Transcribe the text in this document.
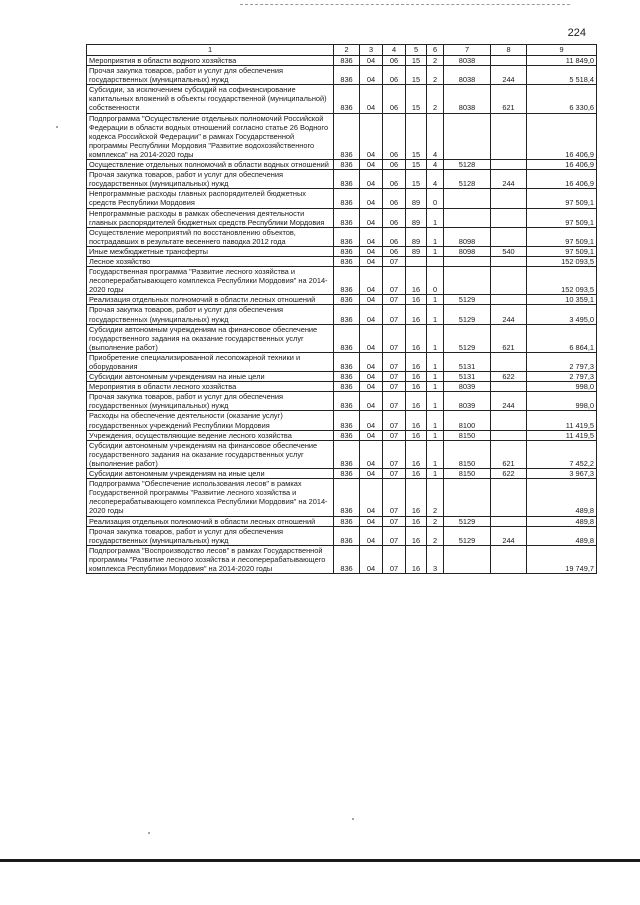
224
1	2	3	4	5	6	7	8	9
Мероприятия в области водного хозяйства	836	04	06	15	2	8038		11 849,0
Прочая закупка товаров, работ и услуг для обеспечения государственных (муниципальных) нужд	836	04	06	15	2	8038	244	5 518,4
Субсидии, за исключением субсидий на софинансирование капитальных вложений в объекты государственной (муниципальной) собственности	836	04	06	15	2	8038	621	6 330,6
Подпрограмма "Осуществление отдельных полномочий Российской Федерации в области водных отношений согласно статье 26 Водного кодекса Российской Федерации" в рамках Государственной программы Республики Мордовия "Развитие водохозяйственного комплекса" на 2014-2020 годы	836	04	06	15	4			16 406,9
Осуществление отдельных полномочий в области водных отношений	836	04	06	15	4	5128		16 406,9
Прочая закупка товаров, работ и услуг для обеспечения государственных (муниципальных) нужд	836	04	06	15	4	5128	244	16 406,9
Непрограммные расходы главных распорядителей бюджетных средств Республики Мордовия	836	04	06	89	0			97 509,1
Непрограммные расходы в рамках обеспечения деятельности главных распорядителей бюджетных средств Республики Мордовия	836	04	06	89	1			97 509,1
Осуществление мероприятий по восстановлению объектов, пострадавших в результате весеннего паводка 2012 года	836	04	06	89	1	8098		97 509,1
Иные межбюджетные трансферты	836	04	06	89	1	8098	540	97 509,1
Лесное хозяйство	836	04	07					152 093,5
Государственная программа "Развитие лесного хозяйства и лесоперерабатывающего комплекса Республики Мордовия" на 2014-2020 годы	836	04	07	16	0			152 093,5
Реализация отдельных полномочий в области лесных отношений	836	04	07	16	1	5129		10 359,1
Прочая закупка товаров, работ и услуг для обеспечения государственных (муниципальных) нужд	836	04	07	16	1	5129	244	3 495,0
Субсидии автономным учреждениям на финансовое обеспечение государственного задания на оказание государственных услуг (выполнение работ)	836	04	07	16	1	5129	621	6 864,1
Приобретение специализированной лесопожарной техники и оборудования	836	04	07	16	1	5131		2 797,3
Субсидии автономным учреждениям на иные цели	836	04	07	16	1	5131	622	2 797,3
Мероприятия в области лесного хозяйства	836	04	07	16	1	8039		998,0
Прочая закупка товаров, работ и услуг для обеспечения государственных (муниципальных) нужд	836	04	07	16	1	8039	244	998,0
Расходы на обеспечение деятельности (оказание услуг) государственных учреждений Республики Мордовия	836	04	07	16	1	8100		11 419,5
Учреждения, осуществляющие ведение лесного хозяйства	836	04	07	16	1	8150		11 419,5
Субсидии автономным учреждениям на финансовое обеспечение государственного задания на оказание государственных услуг (выполнение работ)	836	04	07	16	1	8150	621	7 452,2
Субсидии автономным учреждениям на иные цели	836	04	07	16	1	8150	622	3 967,3
Подпрограмма "Обеспечение использования лесов" в рамках Государственной программы "Развитие лесного хозяйства и лесоперерабатывающего комплекса Республики Мордовия" на 2014-2020 годы	836	04	07	16	2			489,8
Реализация отдельных полномочий в области лесных отношений	836	04	07	16	2	5129		489,8
Прочая закупка товаров, работ и услуг для обеспечения государственных (муниципальных) нужд	836	04	07	16	2	5129	244	489,8
Подпрограмма "Воспроизводство лесов" в рамках Государственной программы "Развитие лесного хозяйства и лесоперерабатывающего комплекса Республики Мордовия" на 2014-2020 годы	836	04	07	16	3			19 749,7
